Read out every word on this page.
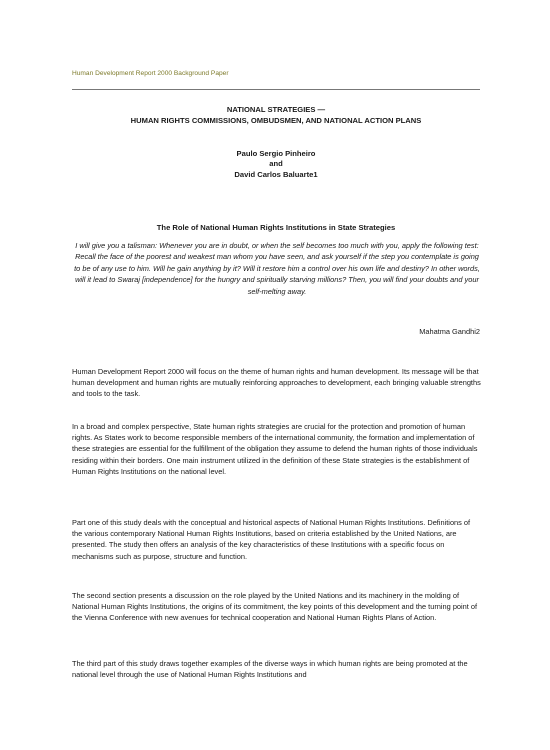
Human Development Report 2000 Background Paper
NATIONAL STRATEGIES —
HUMAN RIGHTS COMMISSIONS, OMBUDSMEN, AND NATIONAL ACTION PLANS
Paulo Sergio Pinheiro
and
David Carlos Baluarte1
The Role of National Human Rights Institutions in State Strategies
I will give you a talisman: Whenever you are in doubt, or when the self becomes too much with you, apply the following test: Recall the face of the poorest and weakest man whom you have seen, and ask yourself if the step you contemplate is going to be of any use to him. Will he gain anything by it? Will it restore him a control over his own life and destiny? In other words, will it lead to Swaraj [independence] for the hungry and spiritually starving millions? Then, you will find your doubts and your self-melting away.
Mahatma Gandhi2

Human Development Report 2000 will focus on the theme of human rights and human development. Its message will be that human development and human rights are mutually reinforcing approaches to development, each bringing valuable strengths and tools to the task.

In a broad and complex perspective, State human rights strategies are crucial for the protection and promotion of human rights. As States work to become responsible members of the international community, the formation and implementation of these strategies are essential for the fulfillment of the obligation they assume to defend the human rights of those individuals residing within their borders. One main instrument utilized in the definition of these State strategies is the establishment of Human Rights Institutions on the national level.

Part one of this study deals with the conceptual and historical aspects of National Human Rights Institutions. Definitions of the various contemporary National Human Rights Institutions, based on criteria established by the United Nations, are presented. The study then offers an analysis of the key characteristics of these Institutions with a specific focus on mechanisms such as purpose, structure and function.

The second section presents a discussion on the role played by the United Nations and its machinery in the molding of National Human Rights Institutions, the origins of its commitment, the key points of this development and the turning point of the Vienna Conference with new avenues for technical cooperation and National Human Rights Plans of Action.

The third part of this study draws together examples of the diverse ways in which human rights are being promoted at the national level through the use of National Human Rights Institutions and
